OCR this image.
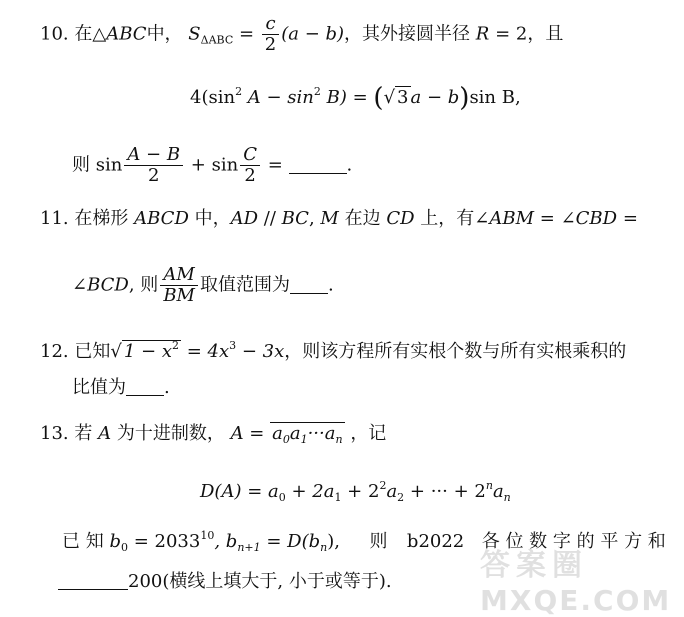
10. 在△ABC中， $S_{\Delta ABC} = \frac{c}{2} (a - b)$，其外接圆半径 R = 2，且
$4(\sin^2$ $A - \sin^2 B$) = (√ 3 a − b)sin B,
则 $\sin \frac{A - B}{2} + \sin \frac{C}{2}$ =	.
11. 在梯形 ABCD 中，AD // BC, M 在边 CD 上，有∠ABM = ∠CBD =
∠BCD, 则 $\frac{AM}{BM}$ 取值范围为 .
12. 已知√ $1 - x^2 = 4x^3 - 3x$，则该方程所有实根个数与所有实根乘积的
比值为 .
13. 若 A 为十进制数， $A = a_0a_1\cdot\cdot\cdot a_n$ ，记
$D(A) = a_0 + 2a_1 + 2^2a_2$ + ··· + $2^na_n$
已 知 $b_0 = 2033^{10}$, $b_{n+1} = D(b_n)$, 则 b2022 各 位 数 字 的 平 方 和
200(横线上填大于, 小于或等于).	答案圈
MXQE.COM
